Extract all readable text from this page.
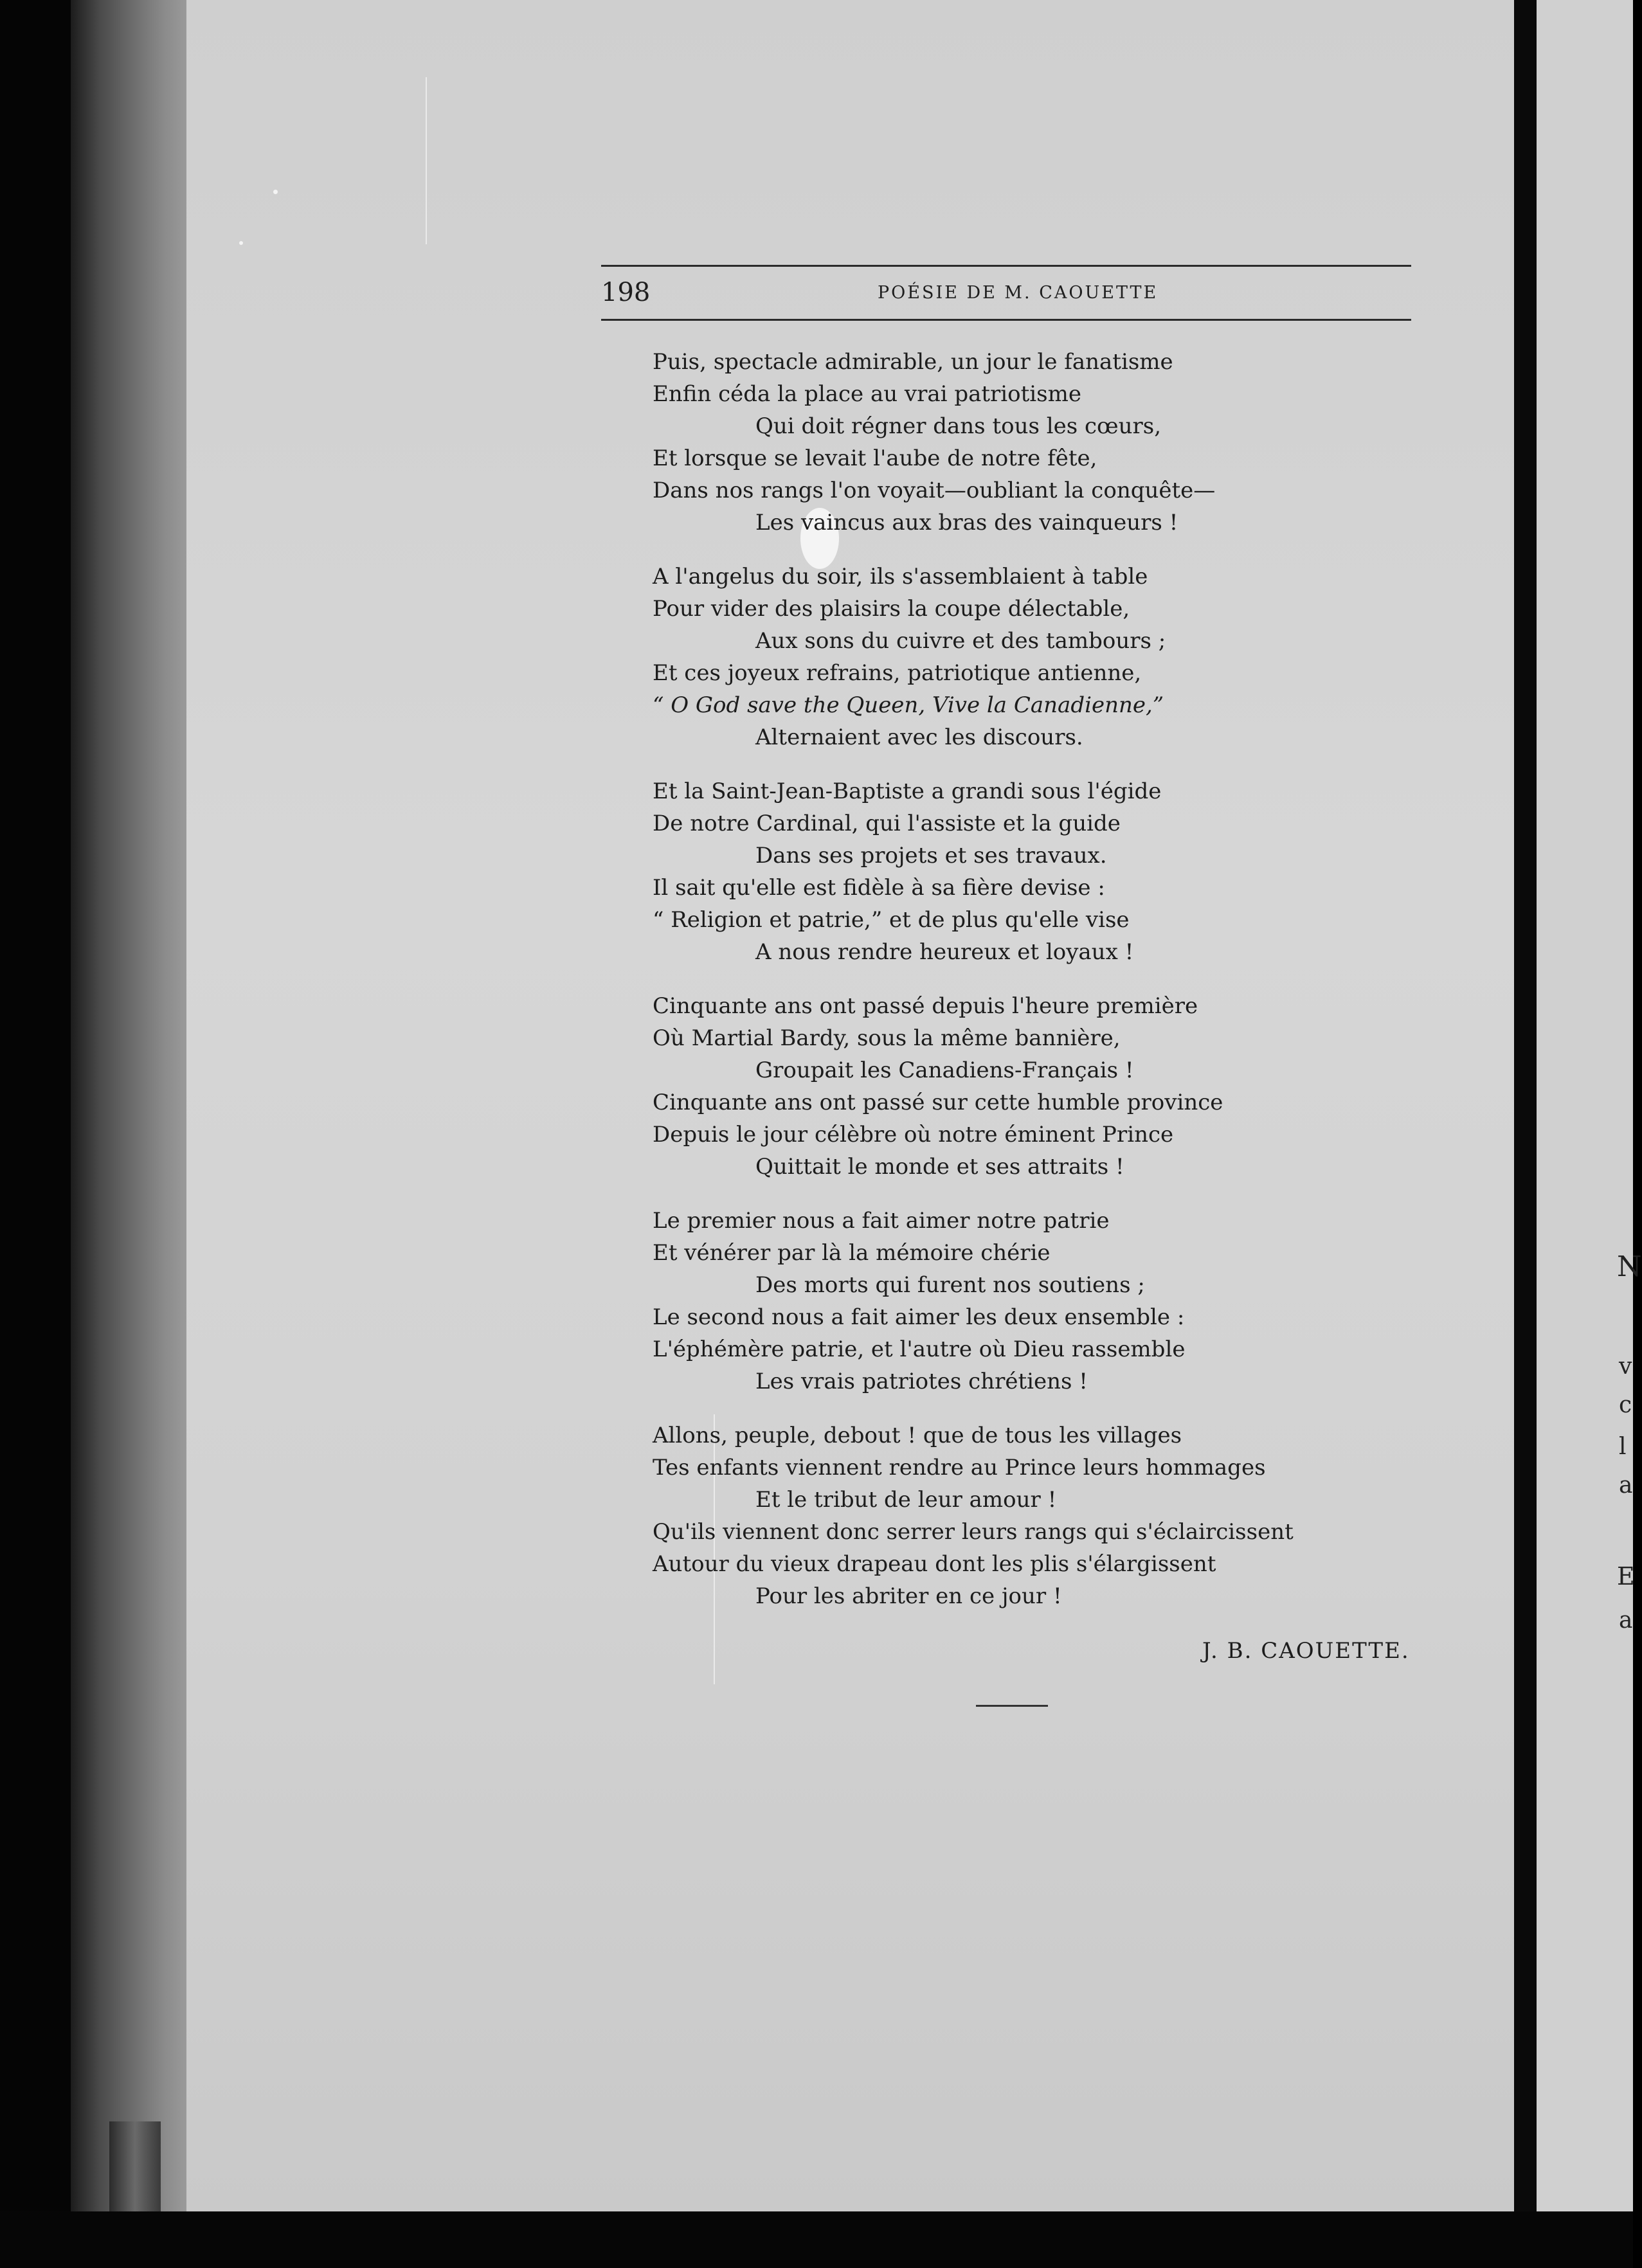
N
v
c
l
a
E
a
198	POÉSIE DE M. CAOUETTE
Puis, spectacle admirable, un jour le fanatisme
Enfin céda la place au vrai patriotisme
Qui doit régner dans tous les cœurs,
Et lorsque se levait l'aube de notre fête,
Dans nos rangs l'on voyait—oubliant la conquête—
Les vaincus aux bras des vainqueurs !
A l'angelus du soir, ils s'assemblaient à table
Pour vider des plaisirs la coupe délectable,
Aux sons du cuivre et des tambours ;
Et ces joyeux refrains, patriotique antienne,
“ O God save the Queen, Vive la Canadienne,”
Alternaient avec les discours.
Et la Saint-Jean-Baptiste a grandi sous l'égide
De notre Cardinal, qui l'assiste et la guide
Dans ses projets et ses travaux.
Il sait qu'elle est fidèle à sa fière devise :
“ Religion et patrie,” et de plus qu'elle vise
A nous rendre heureux et loyaux !
Cinquante ans ont passé depuis l'heure première
Où Martial Bardy, sous la même bannière,
Groupait les Canadiens-Français !
Cinquante ans ont passé sur cette humble province
Depuis le jour célèbre où notre éminent Prince
Quittait le monde et ses attraits !
Le premier nous a fait aimer notre patrie
Et vénérer par là la mémoire chérie
Des morts qui furent nos soutiens ;
Le second nous a fait aimer les deux ensemble :
L'éphémère patrie, et l'autre où Dieu rassemble
Les vrais patriotes chrétiens !
Allons, peuple, debout ! que de tous les villages
Tes enfants viennent rendre au Prince leurs hommages
Et le tribut de leur amour !
Qu'ils viennent donc serrer leurs rangs qui s'éclaircissent
Autour du vieux drapeau dont les plis s'élargissent
Pour les abriter en ce jour !
J. B. CAOUETTE.
